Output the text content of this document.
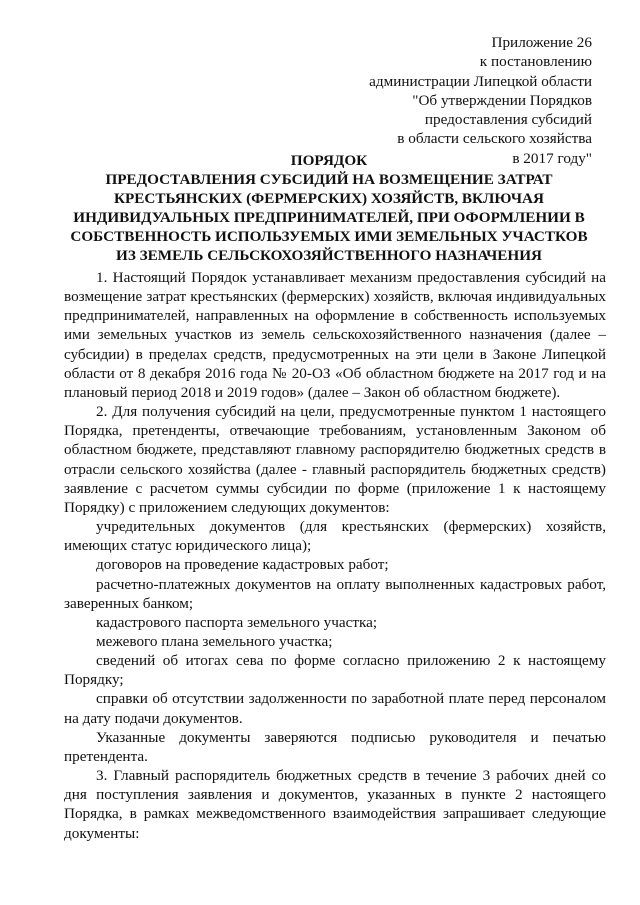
Приложение 26
к постановлению
администрации Липецкой области
"Об утверждении Порядков
предоставления субсидий
в области сельского хозяйства
в 2017 году"
ПОРЯДОК
ПРЕДОСТАВЛЕНИЯ СУБСИДИЙ НА ВОЗМЕЩЕНИЕ ЗАТРАТ
КРЕСТЬЯНСКИХ (ФЕРМЕРСКИХ) ХОЗЯЙСТВ, ВКЛЮЧАЯ
ИНДИВИДУАЛЬНЫХ ПРЕДПРИНИМАТЕЛЕЙ, ПРИ ОФОРМЛЕНИИ В
СОБСТВЕННОСТЬ ИСПОЛЬЗУЕМЫХ ИМИ ЗЕМЕЛЬНЫХ УЧАСТКОВ
ИЗ ЗЕМЕЛЬ СЕЛЬСКОХОЗЯЙСТВЕННОГО НАЗНАЧЕНИЯ

1. Настоящий Порядок устанавливает механизм предоставления субсидий на возмещение затрат крестьянских (фермерских) хозяйств, включая индивидуальных предпринимателей, направленных на оформление в собственность используемых ими земельных участков из земель сельскохозяйственного назначения (далее – субсидии) в пределах средств, предусмотренных на эти цели в Законе Липецкой области от 8 декабря 2016 года № 20-ОЗ «Об областном бюджете на 2017 год и на плановый период 2018 и 2019 годов» (далее – Закон об областном бюджете).

2. Для получения субсидий на цели, предусмотренные пунктом 1 настоящего Порядка, претенденты, отвечающие требованиям, установленным Законом об областном бюджете, представляют главному распорядителю бюджетных средств в отрасли сельского хозяйства (далее - главный распорядитель бюджетных средств) заявление с расчетом суммы субсидии по форме (приложение 1 к настоящему Порядку) с приложением следующих документов:

учредительных документов (для крестьянских (фермерских) хозяйств, имеющих статус юридического лица);

договоров на проведение кадастровых работ;

расчетно-платежных документов на оплату выполненных кадастровых работ, заверенных банком;

кадастрового паспорта земельного участка;

межевого плана земельного участка;

сведений об итогах сева по форме согласно приложению 2 к настоящему Порядку;

справки об отсутствии задолженности по заработной плате перед персоналом на дату подачи документов.

Указанные документы заверяются подписью руководителя и печатью претендента.

3. Главный распорядитель бюджетных средств в течение 3 рабочих дней со дня поступления заявления и документов, указанных в пункте 2 настоящего Порядка, в рамках межведомственного взаимодействия запрашивает следующие документы:
